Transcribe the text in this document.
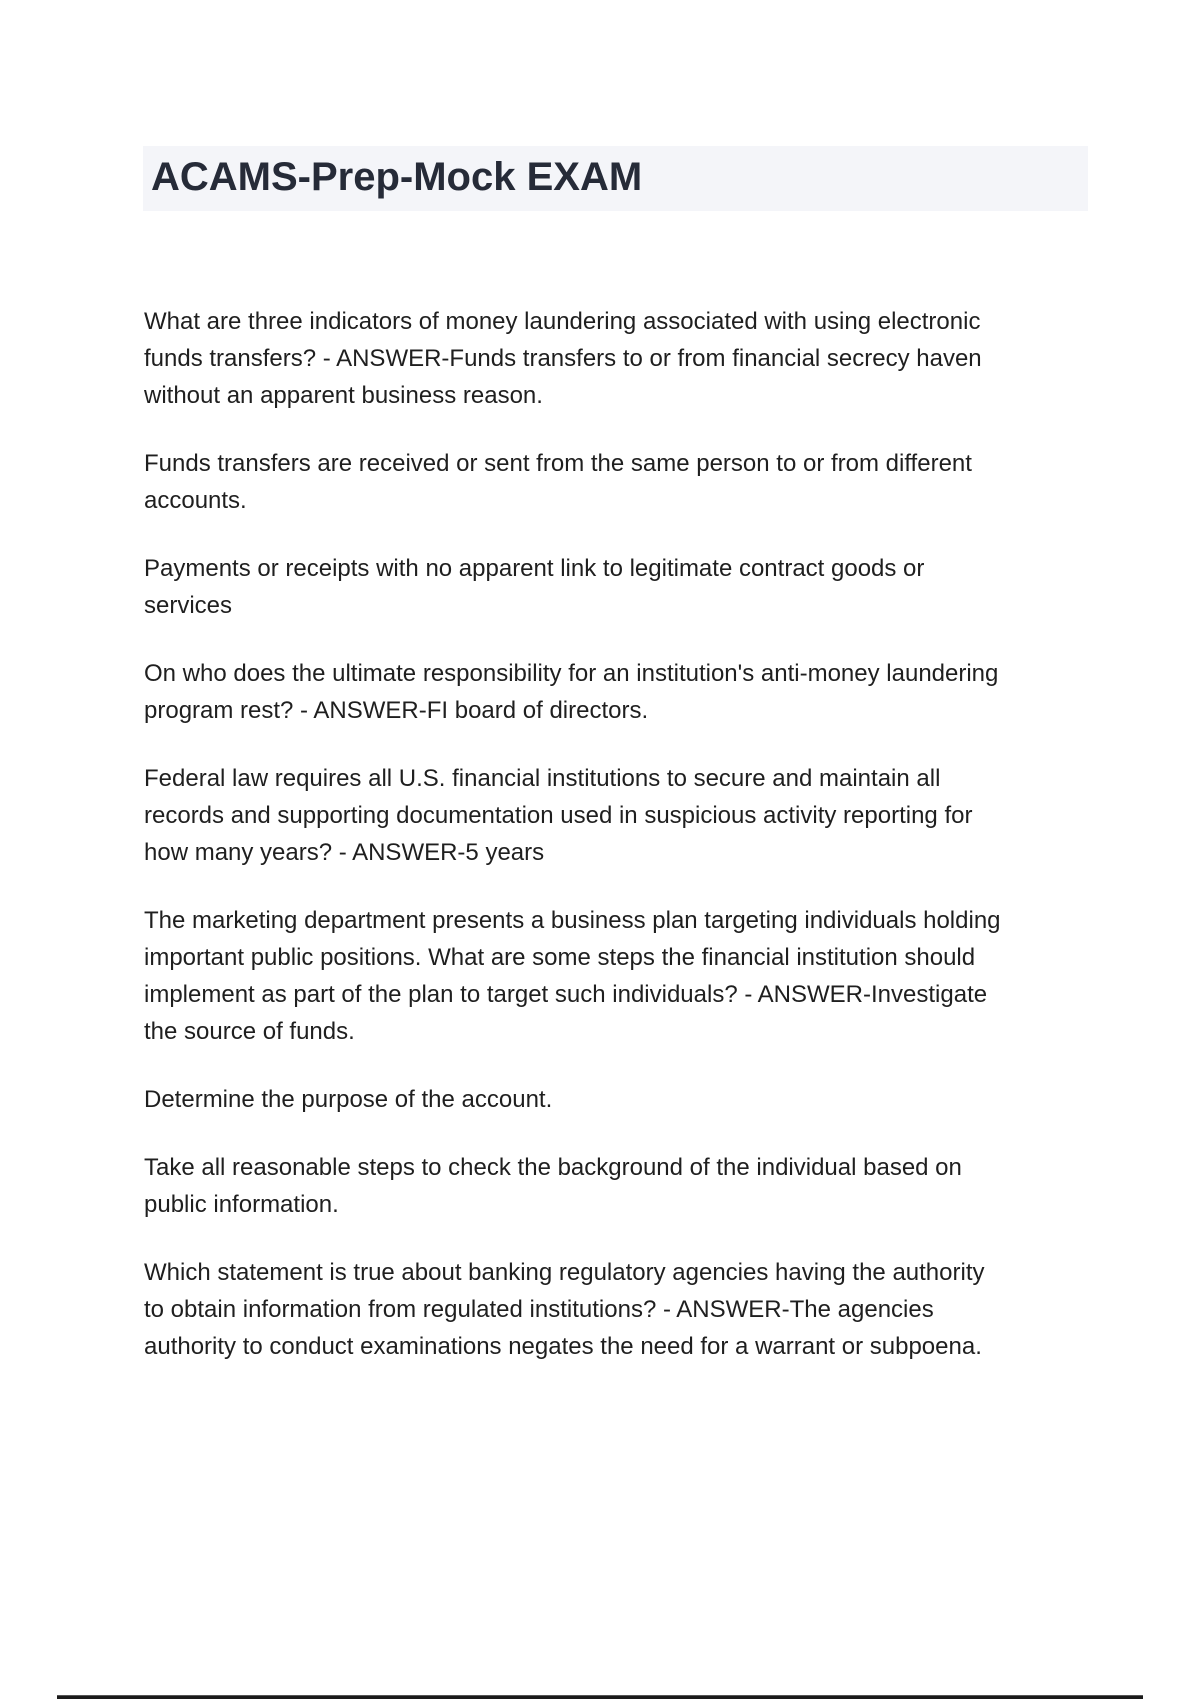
ACAMS-Prep-Mock EXAM

What are three indicators of money laundering associated with using electronic
funds transfers? - ANSWER-Funds transfers to or from financial secrecy haven
without an apparent business reason.

Funds transfers are received or sent from the same person to or from different
accounts.

Payments or receipts with no apparent link to legitimate contract goods or
services

On who does the ultimate responsibility for an institution's anti-money laundering
program rest? - ANSWER-FI board of directors.

Federal law requires all U.S. financial institutions to secure and maintain all
records and supporting documentation used in suspicious activity reporting for
how many years? - ANSWER-5 years

The marketing department presents a business plan targeting individuals holding
important public positions. What are some steps the financial institution should
implement as part of the plan to target such individuals? - ANSWER-Investigate
the source of funds.

Determine the purpose of the account.

Take all reasonable steps to check the background of the individual based on
public information.

Which statement is true about banking regulatory agencies having the authority
to obtain information from regulated institutions? - ANSWER-The agencies
authority to conduct examinations negates the need for a warrant or subpoena.
